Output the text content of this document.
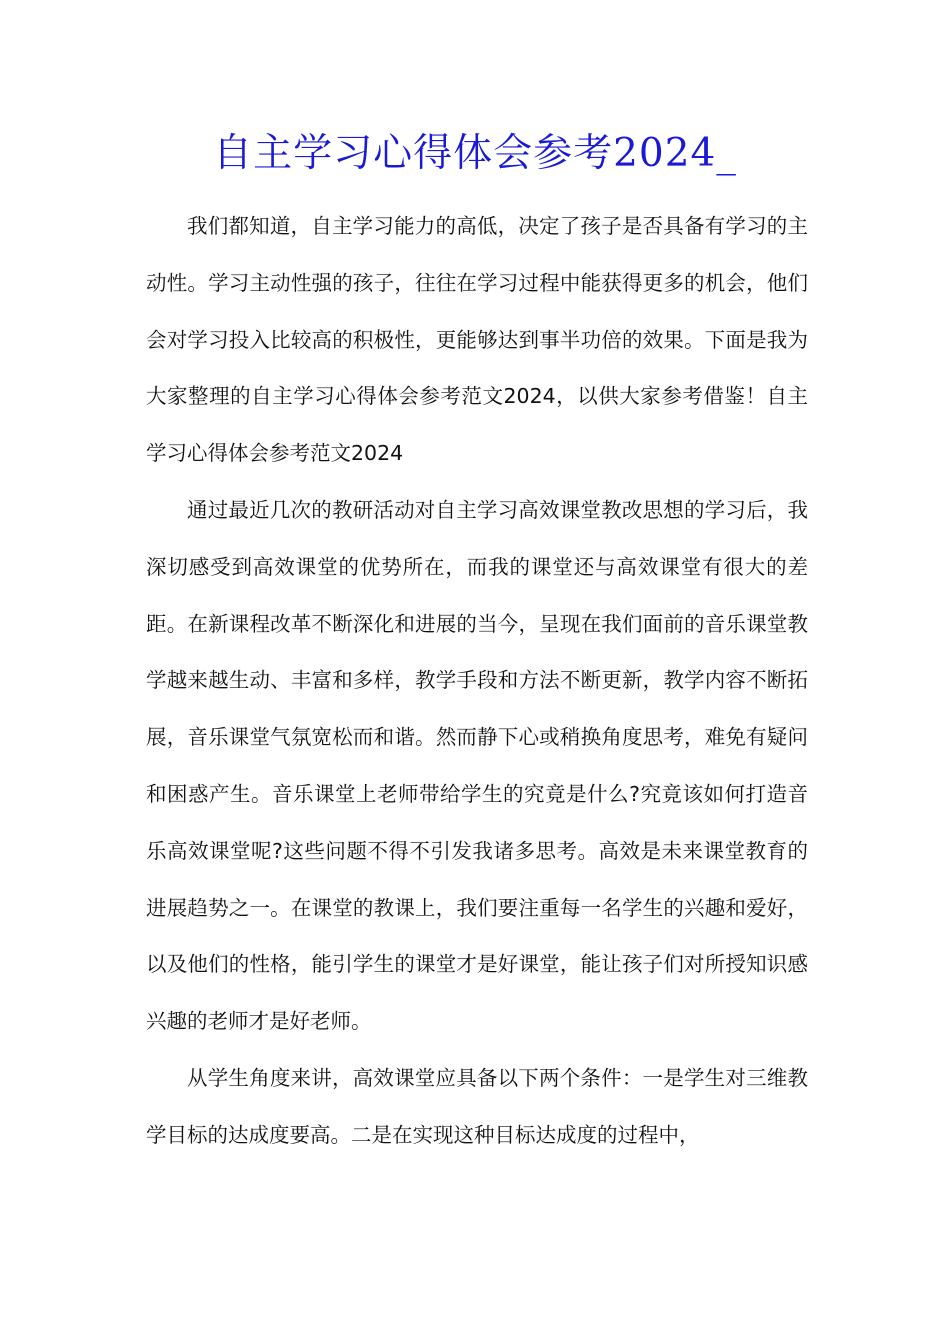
自主学习心得体会参考2024_

我们都知道，自主学习能力的高低，决定了孩子是否具备有学习的主动性。学习主动性强的孩子，往往在学习过程中能获得更多的机会，他们会对学习投入比较高的积极性，更能够达到事半功倍的效果。下面是我为大家整理的自主学习心得体会参考范文2024，以供大家参考借鉴！自主学习心得体会参考范文2024

通过最近几次的教研活动对自主学习高效课堂教改思想的学习后，我深切感受到高效课堂的优势所在，而我的课堂还与高效课堂有很大的差距。在新课程改革不断深化和进展的当今，呈现在我们面前的音乐课堂教学越来越生动、丰富和多样，教学手段和方法不断更新，教学内容不断拓展，音乐课堂气氛宽松而和谐。然而静下心或稍换角度思考，难免有疑问和困惑产生。音乐课堂上老师带给学生的究竟是什么?究竟该如何打造音乐高效课堂呢?这些问题不得不引发我诸多思考。高效是未来课堂教育的进展趋势之一。在课堂的教课上，我们要注重每一名学生的兴趣和爱好，以及他们的性格，能引学生的课堂才是好课堂，能让孩子们对所授知识感兴趣的老师才是好老师。

从学生角度来讲，高效课堂应具备以下两个条件：一是学生对三维教学目标的达成度要高。二是在实现这种目标达成度的过程中，
